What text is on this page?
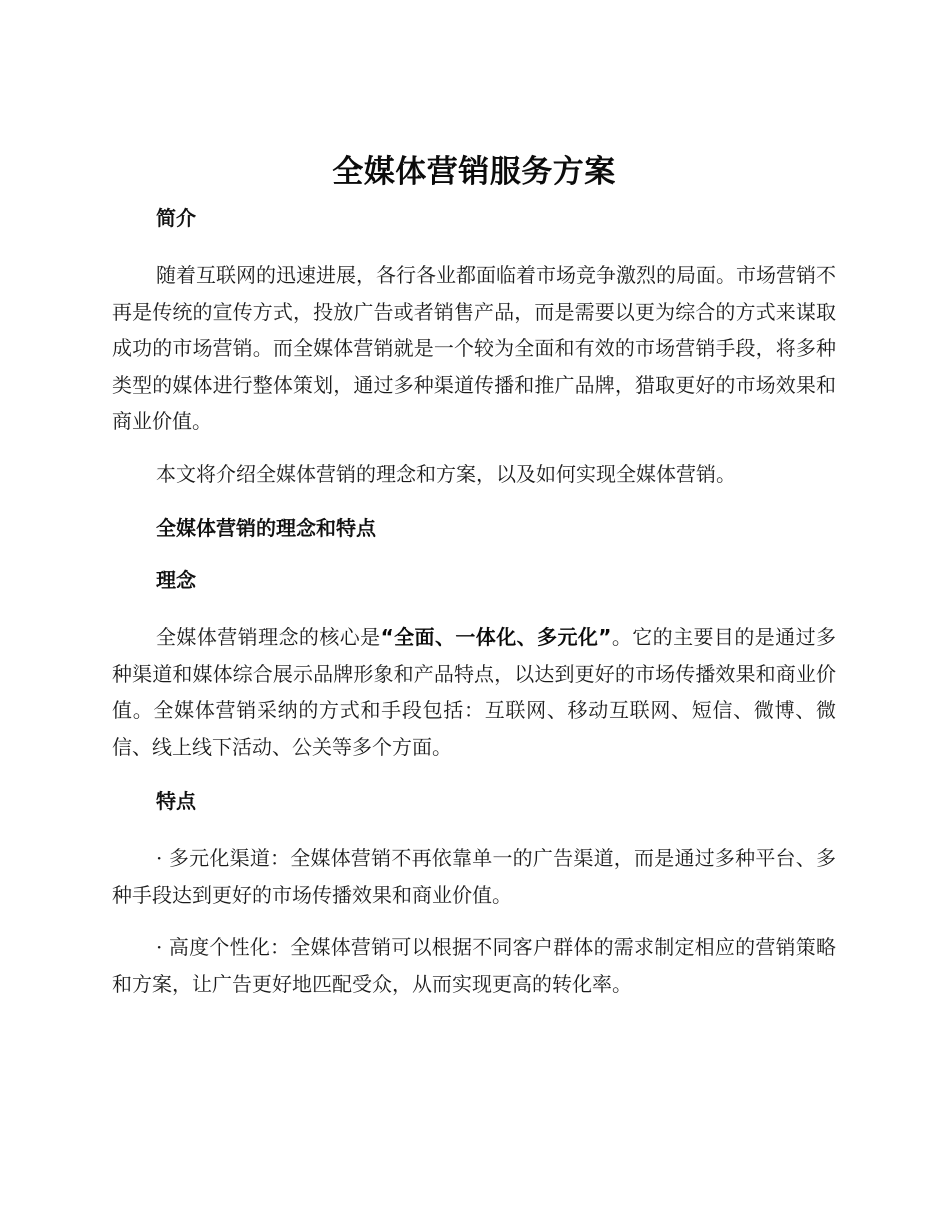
全媒体营销服务方案
简介

随着互联网的迅速进展，各行各业都面临着市场竞争激烈的局面。市场营销不再是传统的宣传方式，投放广告或者销售产品，而是需要以更为综合的方式来谋取成功的市场营销。而全媒体营销就是一个较为全面和有效的市场营销手段，将多种类型的媒体进行整体策划，通过多种渠道传播和推广品牌，猎取更好的市场效果和商业价值。

本文将介绍全媒体营销的理念和方案，以及如何实现全媒体营销。

全媒体营销的理念和特点
理念

全媒体营销理念的核心是“全面、一体化、多元化”。它的主要目的是通过多种渠道和媒体综合展示品牌形象和产品特点，以达到更好的市场传播效果和商业价值。全媒体营销采纳的方式和手段包括：互联网、移动互联网、短信、微博、微信、线上线下活动、公关等多个方面。

特点

· 多元化渠道：全媒体营销不再依靠单一的广告渠道，而是通过多种平台、多种手段达到更好的市场传播效果和商业价值。

· 高度个性化：全媒体营销可以根据不同客户群体的需求制定相应的营销策略和方案，让广告更好地匹配受众，从而实现更高的转化率。
